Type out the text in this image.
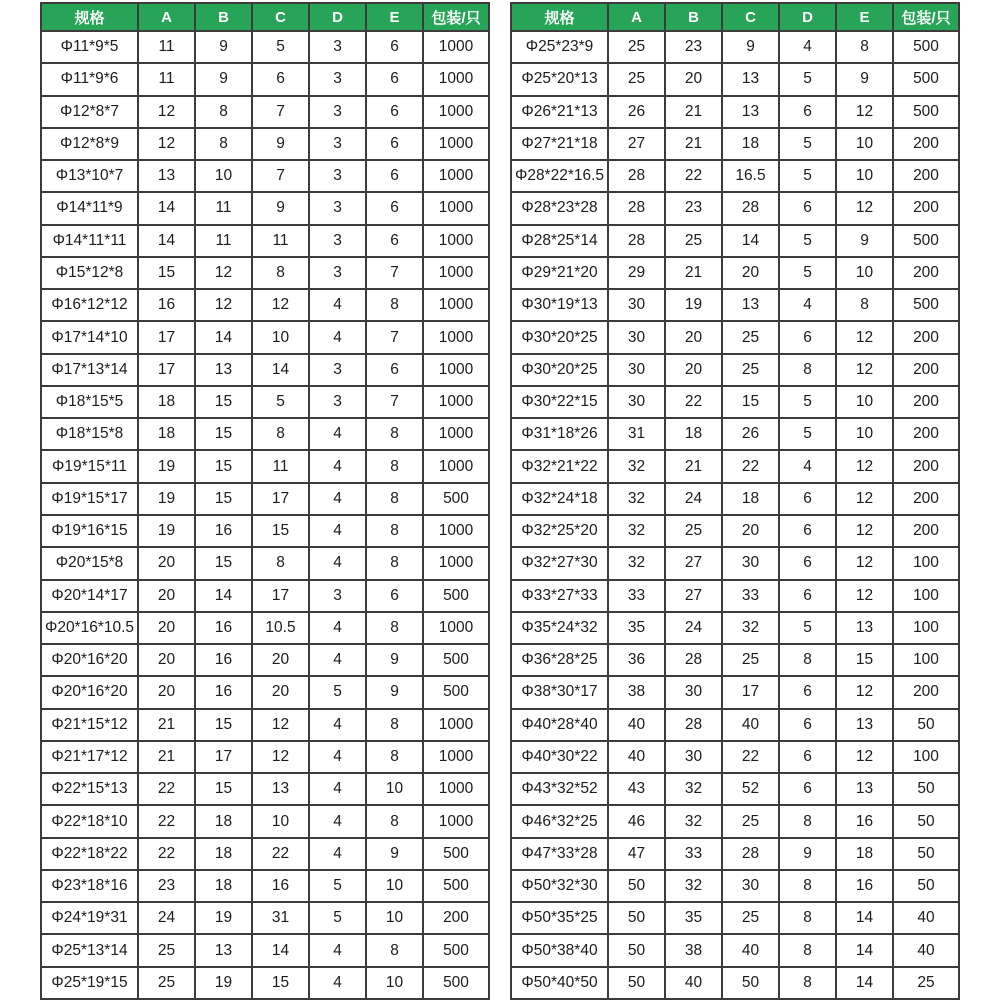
规格	A	B	C	D	E	包装/只
Φ11*9*5	11	9	5	3	6	1000
Φ11*9*6	11	9	6	3	6	1000
Φ12*8*7	12	8	7	3	6	1000
Φ12*8*9	12	8	9	3	6	1000
Φ13*10*7	13	10	7	3	6	1000
Φ14*11*9	14	11	9	3	6	1000
Φ14*11*11	14	11	11	3	6	1000
Φ15*12*8	15	12	8	3	7	1000
Φ16*12*12	16	12	12	4	8	1000
Φ17*14*10	17	14	10	4	7	1000
Φ17*13*14	17	13	14	3	6	1000
Φ18*15*5	18	15	5	3	7	1000
Φ18*15*8	18	15	8	4	8	1000
Φ19*15*11	19	15	11	4	8	1000
Φ19*15*17	19	15	17	4	8	500
Φ19*16*15	19	16	15	4	8	1000
Φ20*15*8	20	15	8	4	8	1000
Φ20*14*17	20	14	17	3	6	500
Φ20*16*10.5	20	16	10.5	4	8	1000
Φ20*16*20	20	16	20	4	9	500
Φ20*16*20	20	16	20	5	9	500
Φ21*15*12	21	15	12	4	8	1000
Φ21*17*12	21	17	12	4	8	1000
Φ22*15*13	22	15	13	4	10	1000
Φ22*18*10	22	18	10	4	8	1000
Φ22*18*22	22	18	22	4	9	500
Φ23*18*16	23	18	16	5	10	500
Φ24*19*31	24	19	31	5	10	200
Φ25*13*14	25	13	14	4	8	500
Φ25*19*15	25	19	15	4	10	500
规格	A	B	C	D	E	包装/只
Φ25*23*9	25	23	9	4	8	500
Φ25*20*13	25	20	13	5	9	500
Φ26*21*13	26	21	13	6	12	500
Φ27*21*18	27	21	18	5	10	200
Φ28*22*16.5	28	22	16.5	5	10	200
Φ28*23*28	28	23	28	6	12	200
Φ28*25*14	28	25	14	5	9	500
Φ29*21*20	29	21	20	5	10	200
Φ30*19*13	30	19	13	4	8	500
Φ30*20*25	30	20	25	6	12	200
Φ30*20*25	30	20	25	8	12	200
Φ30*22*15	30	22	15	5	10	200
Φ31*18*26	31	18	26	5	10	200
Φ32*21*22	32	21	22	4	12	200
Φ32*24*18	32	24	18	6	12	200
Φ32*25*20	32	25	20	6	12	200
Φ32*27*30	32	27	30	6	12	100
Φ33*27*33	33	27	33	6	12	100
Φ35*24*32	35	24	32	5	13	100
Φ36*28*25	36	28	25	8	15	100
Φ38*30*17	38	30	17	6	12	200
Φ40*28*40	40	28	40	6	13	50
Φ40*30*22	40	30	22	6	12	100
Φ43*32*52	43	32	52	6	13	50
Φ46*32*25	46	32	25	8	16	50
Φ47*33*28	47	33	28	9	18	50
Φ50*32*30	50	32	30	8	16	50
Φ50*35*25	50	35	25	8	14	40
Φ50*38*40	50	38	40	8	14	40
Φ50*40*50	50	40	50	8	14	25
